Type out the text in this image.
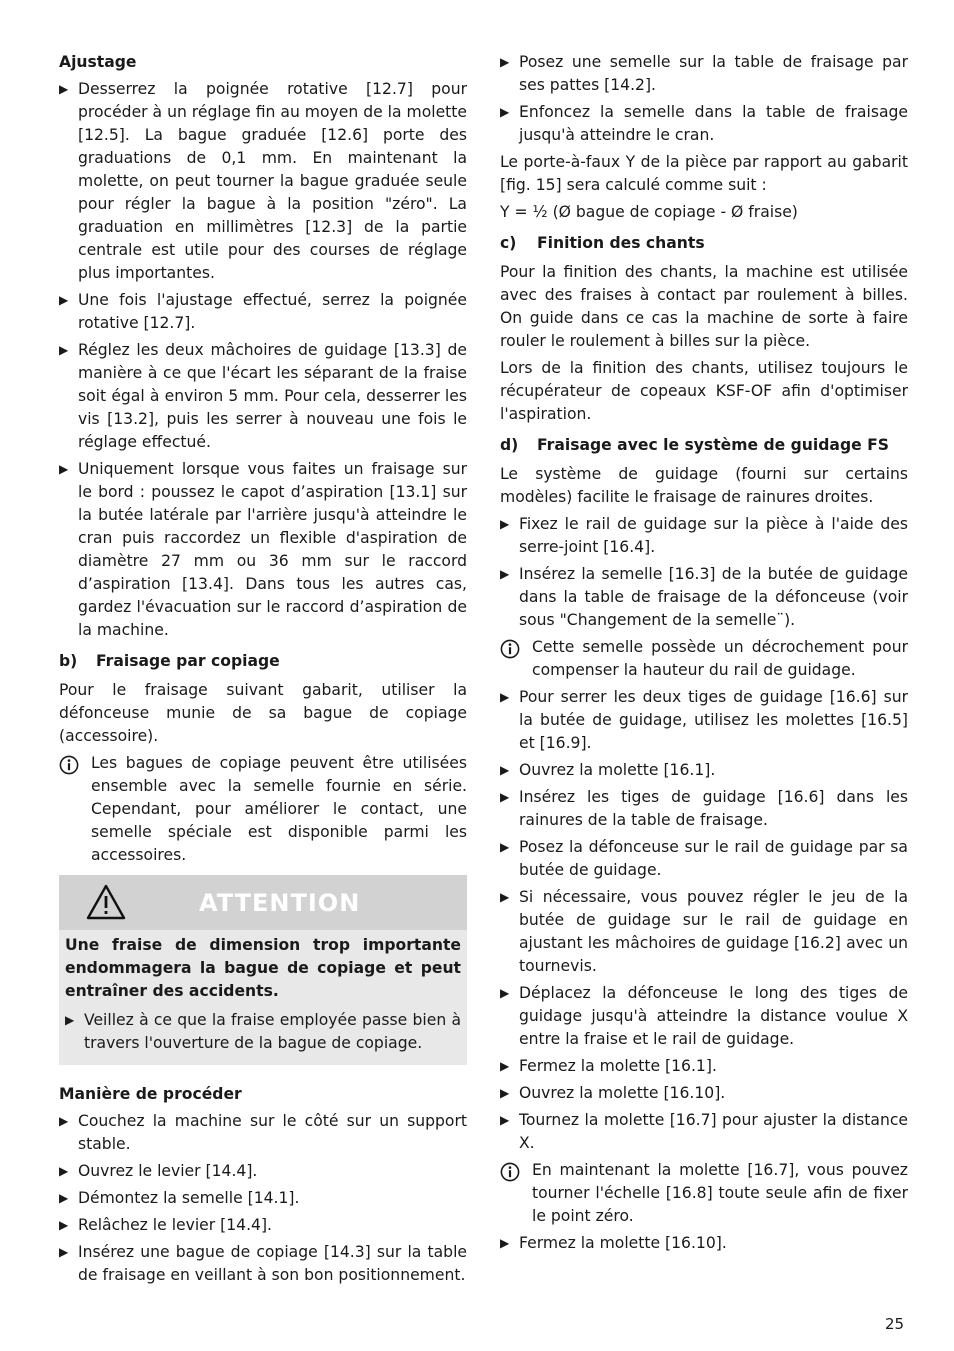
Ajustage
▶ Desserrez la poignée rotative [12.7] pour procéder à un réglage fin au moyen de la molette [12.5]. La bague graduée [12.6] porte des graduations de 0,1 mm. En maintenant la molette, on peut tourner la bague graduée seule pour régler la bague à la position "zéro". La graduation en millimètres [12.3] de la partie centrale est utile pour des courses de réglage plus importantes.
▶ Une fois l'ajustage effectué, serrez la poignée rotative [12.7].
▶ Réglez les deux mâchoires de guidage [13.3] de manière à ce que l'écart les séparant de la fraise soit égal à environ 5 mm. Pour cela, desserrer les vis [13.2], puis les serrer à nouveau une fois le réglage effectué.
▶ Uniquement lorsque vous faites un fraisage sur le bord : poussez le capot d’aspiration [13.1] sur la butée latérale par l'arrière jusqu'à atteindre le cran puis raccordez un flexible d'aspiration de diamètre 27 mm ou 36 mm sur le raccord d’aspiration [13.4]. Dans tous les autres cas, gardez l'évacuation sur le raccord d’aspiration de la machine.
b)	Fraisage par copiage

Pour le fraisage suivant gabarit, utiliser la défonceuse munie de sa bague de copiage (accessoire).

Les bagues de copiage peuvent être utilisées ensemble avec la semelle fournie en série. Cependant, pour améliorer le contact, une semelle spéciale est disponible parmi les accessoires.
ATTENTION
Une fraise de dimension trop importante endommagera la bague de copiage et peut entraîner des accidents.
▶ Veillez à ce que la fraise employée passe bien à travers l'ouverture de la bague de copiage.
Manière de procéder
▶ Couchez la machine sur le côté sur un support stable.
▶ Ouvrez le levier [14.4].
▶ Démontez la semelle [14.1].
▶ Relâchez le levier [14.4].
▶ Insérez une bague de copiage [14.3] sur la table de fraisage en veillant à son bon positionnement.
▶ Posez une semelle sur la table de fraisage par ses pattes [14.2].
▶ Enfoncez la semelle dans la table de fraisage jusqu'à atteindre le cran.

Le porte-à-faux Y de la pièce par rapport au gabarit [fig. 15] sera calculé comme suit :

Y = ½ (Ø bague de copiage - Ø fraise)

c)	Finition des chants

Pour la finition des chants, la machine est utilisée avec des fraises à contact par roulement à billes. On guide dans ce cas la machine de sorte à faire rouler le roulement à billes sur la pièce.

Lors de la finition des chants, utilisez toujours le récupérateur de copeaux KSF-OF afin d'optimiser l'aspiration.

d)	Fraisage avec le système de guidage FS

Le système de guidage (fourni sur certains modèles) facilite le fraisage de rainures droites.

▶ Fixez le rail de guidage sur la pièce à l'aide des serre-joint [16.4].
▶ Insérez la semelle [16.3] de la butée de guidage dans la table de fraisage de la défonceuse (voir sous "Changement de la semelle¨).
Cette semelle possède un décrochement pour compenser la hauteur du rail de guidage.
▶ Pour serrer les deux tiges de guidage [16.6] sur la butée de guidage, utilisez les molettes [16.5] et [16.9].
▶ Ouvrez la molette [16.1].
▶ Insérez les tiges de guidage [16.6] dans les rainures de la table de fraisage.
▶ Posez la défonceuse sur le rail de guidage par sa butée de guidage.
▶ Si nécessaire, vous pouvez régler le jeu de la butée de guidage sur le rail de guidage en ajustant les mâchoires de guidage [16.2] avec un tournevis.
▶ Déplacez la défonceuse le long des tiges de guidage jusqu'à atteindre la distance voulue X entre la fraise et le rail de guidage.
▶ Fermez la molette [16.1].
▶ Ouvrez la molette [16.10].
▶ Tournez la molette [16.7] pour ajuster la distance X.
En maintenant la molette [16.7], vous pouvez tourner l'échelle [16.8] toute seule afin de fixer le point zéro.
▶ Fermez la molette [16.10].
25
